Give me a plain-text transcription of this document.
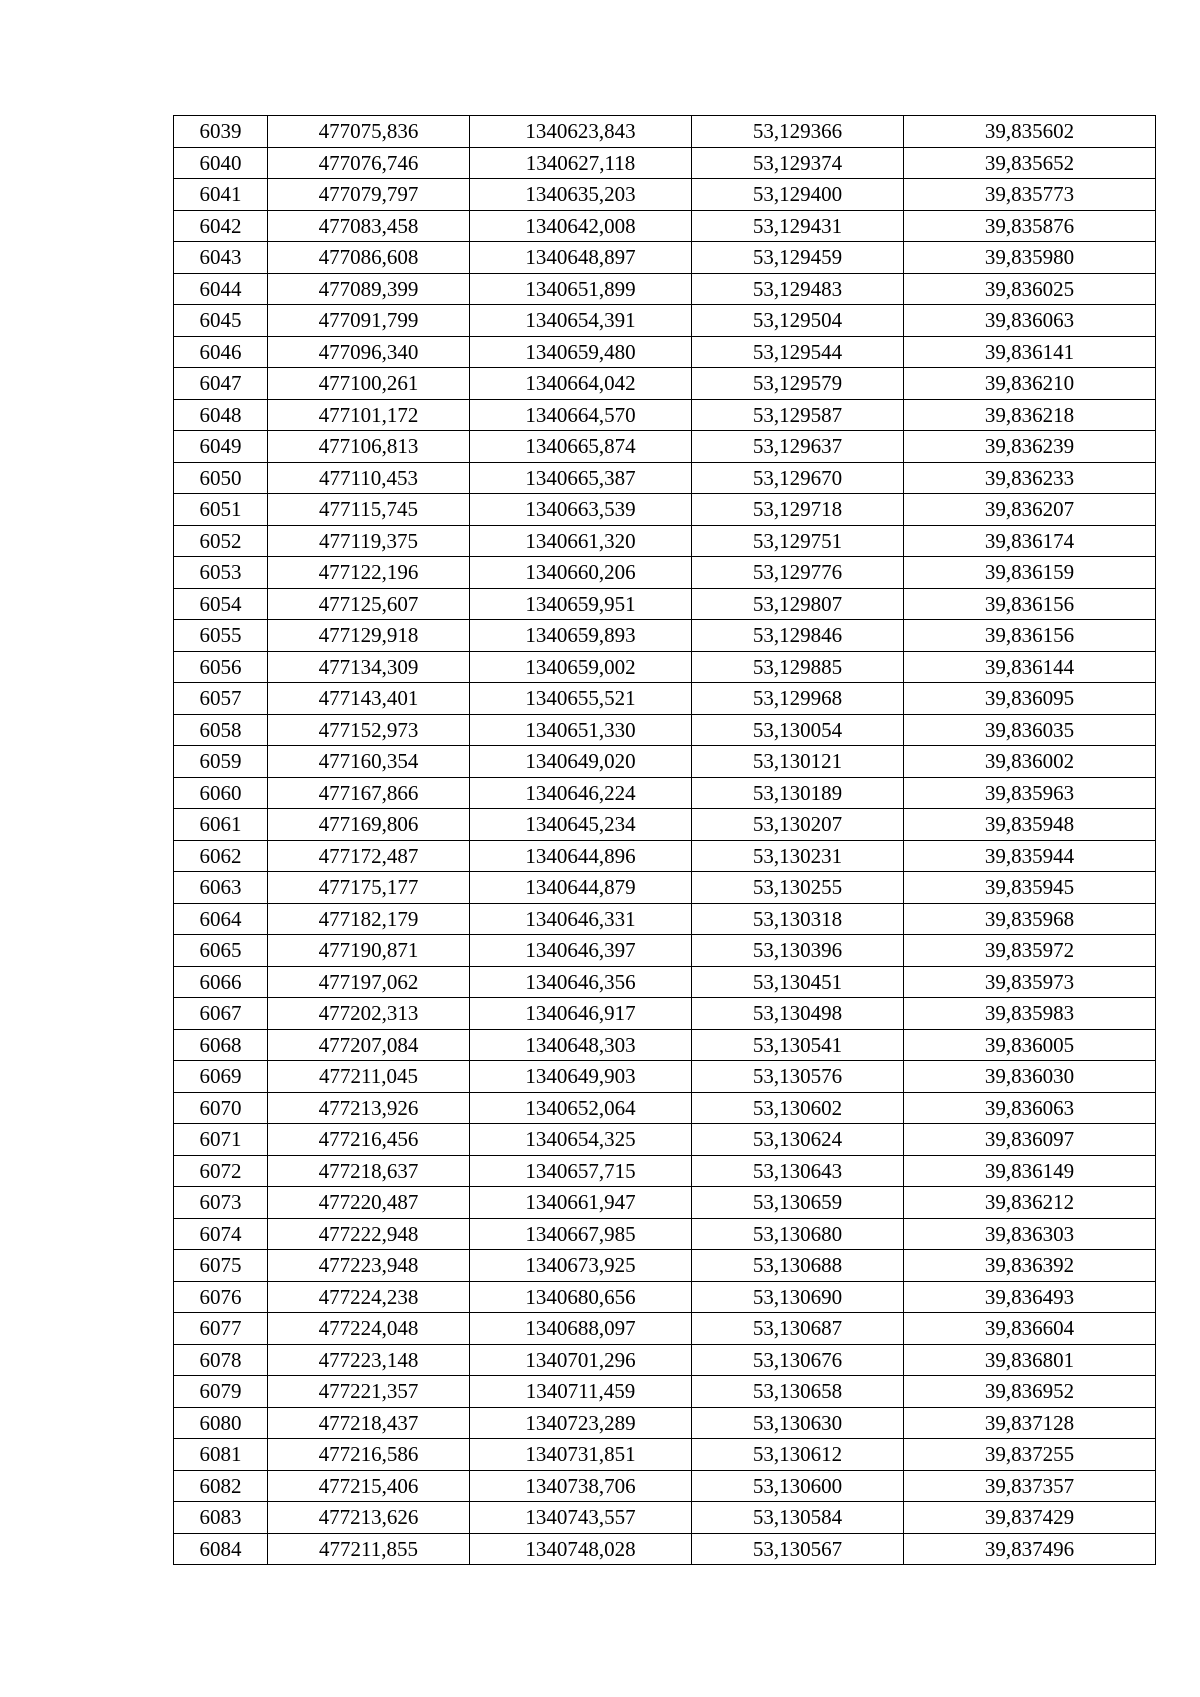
6039	477075,836	1340623,843	53,129366	39,835602
6040	477076,746	1340627,118	53,129374	39,835652
6041	477079,797	1340635,203	53,129400	39,835773
6042	477083,458	1340642,008	53,129431	39,835876
6043	477086,608	1340648,897	53,129459	39,835980
6044	477089,399	1340651,899	53,129483	39,836025
6045	477091,799	1340654,391	53,129504	39,836063
6046	477096,340	1340659,480	53,129544	39,836141
6047	477100,261	1340664,042	53,129579	39,836210
6048	477101,172	1340664,570	53,129587	39,836218
6049	477106,813	1340665,874	53,129637	39,836239
6050	477110,453	1340665,387	53,129670	39,836233
6051	477115,745	1340663,539	53,129718	39,836207
6052	477119,375	1340661,320	53,129751	39,836174
6053	477122,196	1340660,206	53,129776	39,836159
6054	477125,607	1340659,951	53,129807	39,836156
6055	477129,918	1340659,893	53,129846	39,836156
6056	477134,309	1340659,002	53,129885	39,836144
6057	477143,401	1340655,521	53,129968	39,836095
6058	477152,973	1340651,330	53,130054	39,836035
6059	477160,354	1340649,020	53,130121	39,836002
6060	477167,866	1340646,224	53,130189	39,835963
6061	477169,806	1340645,234	53,130207	39,835948
6062	477172,487	1340644,896	53,130231	39,835944
6063	477175,177	1340644,879	53,130255	39,835945
6064	477182,179	1340646,331	53,130318	39,835968
6065	477190,871	1340646,397	53,130396	39,835972
6066	477197,062	1340646,356	53,130451	39,835973
6067	477202,313	1340646,917	53,130498	39,835983
6068	477207,084	1340648,303	53,130541	39,836005
6069	477211,045	1340649,903	53,130576	39,836030
6070	477213,926	1340652,064	53,130602	39,836063
6071	477216,456	1340654,325	53,130624	39,836097
6072	477218,637	1340657,715	53,130643	39,836149
6073	477220,487	1340661,947	53,130659	39,836212
6074	477222,948	1340667,985	53,130680	39,836303
6075	477223,948	1340673,925	53,130688	39,836392
6076	477224,238	1340680,656	53,130690	39,836493
6077	477224,048	1340688,097	53,130687	39,836604
6078	477223,148	1340701,296	53,130676	39,836801
6079	477221,357	1340711,459	53,130658	39,836952
6080	477218,437	1340723,289	53,130630	39,837128
6081	477216,586	1340731,851	53,130612	39,837255
6082	477215,406	1340738,706	53,130600	39,837357
6083	477213,626	1340743,557	53,130584	39,837429
6084	477211,855	1340748,028	53,130567	39,837496
